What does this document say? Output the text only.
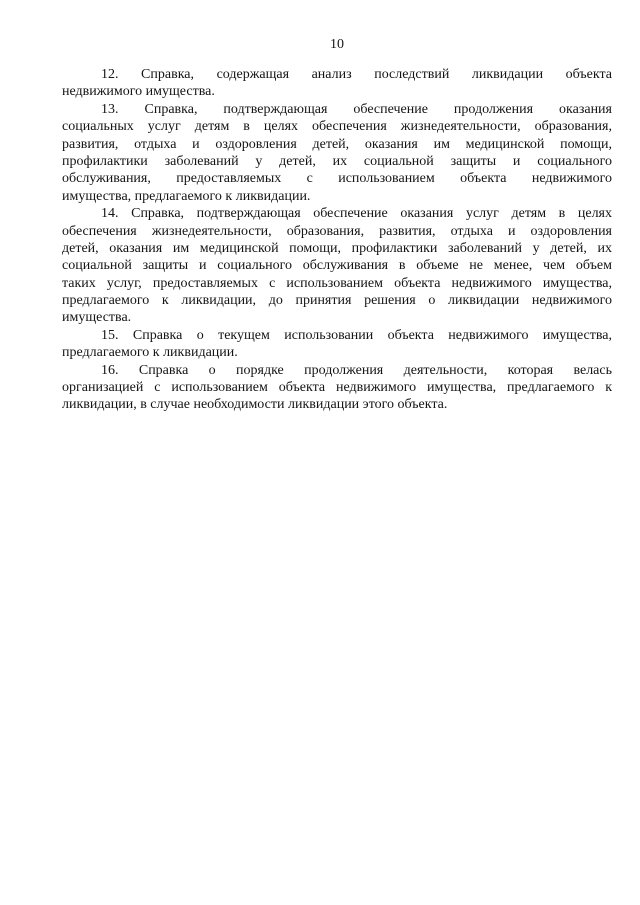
10
12. Справка, содержащая анализ последствий ликвидации объекта
недвижимого имущества.
13. Справка, подтверждающая обеспечение продолжения оказания
социальных услуг детям в целях обеспечения жизнедеятельности, образования,
развития, отдыха и оздоровления детей, оказания им медицинской помощи,
профилактики заболеваний у детей, их социальной защиты и социального
обслуживания, предоставляемых с использованием объекта недвижимого
имущества, предлагаемого к ликвидации.
14. Справка, подтверждающая обеспечение оказания услуг детям в целях
обеспечения жизнедеятельности, образования, развития, отдыха и оздоровления
детей, оказания им медицинской помощи, профилактики заболеваний у детей, их
социальной защиты и социального обслуживания в объеме не менее, чем объем
таких услуг, предоставляемых с использованием объекта недвижимого имущества,
предлагаемого к ликвидации, до принятия решения о ликвидации недвижимого
имущества.
15. Справка о текущем использовании объекта недвижимого имущества,
предлагаемого к ликвидации.
16. Справка о порядке продолжения деятельности, которая велась
организацией с использованием объекта недвижимого имущества, предлагаемого к
ликвидации, в случае необходимости ликвидации этого объекта.
